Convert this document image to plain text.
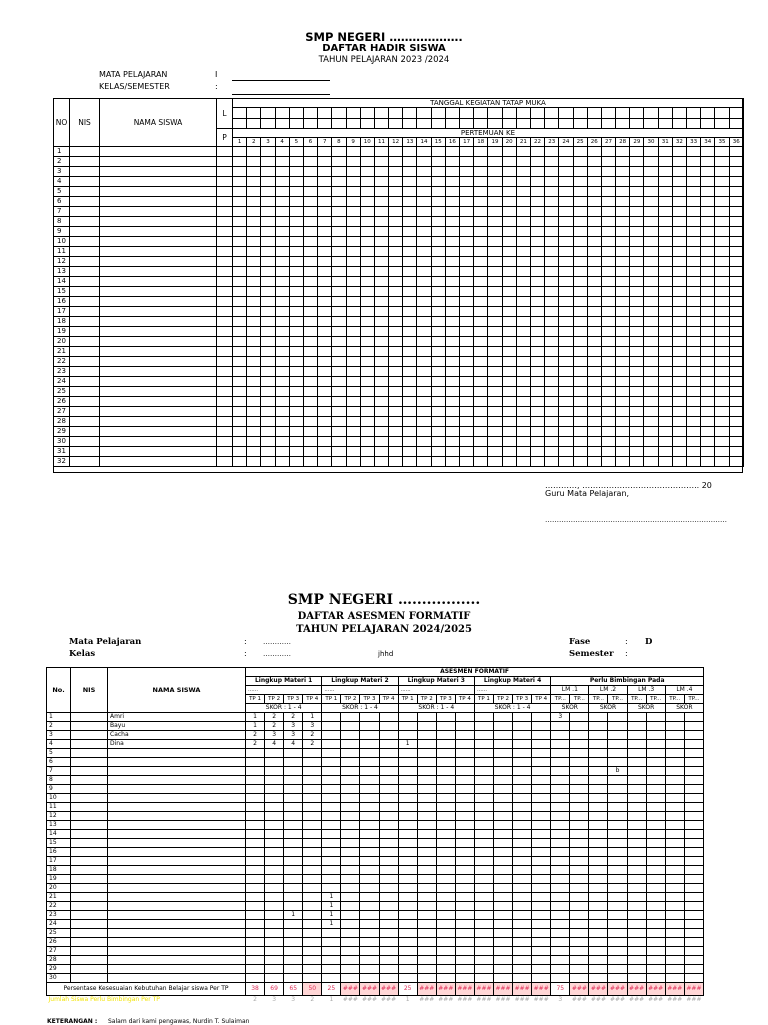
SMP NEGERI ……………….
DAFTAR HADIR SISWA
TAHUN PELAJARAN 2023 /2024
MATA PELAJARAN	I
KELAS/SEMESTER	:
NO	NIS	NAMA SISWA	L	TANGGAL KEGIATAN TATAP MUKA																																			

			P	PERTEMUAN KE																																			
				1	2	3	4	5	6	7	8	9	10	11	12	13	14	15	16	17	18	19	20	21	22	23	24	25	26	27	28	29	30	31	32	33	34	35	36
1																																							
2																																							
3																																							
4																																							
5																																							
6																																							
7																																							
8																																							
9																																							
10																																							
11																																							
12																																							
13																																							
14																																							
15																																							
16																																							
17																																							
18																																							
19																																							
20																																							
21																																							
22																																							
23																																							
24																																							
25																																							
26																																							
27																																							
28																																							
29																																							
30																																							
31																																							
32																																							
…………, …………………………………….. 20
Guru Mata Pelajaran,
……………………………………………………………………
SMP NEGERI …..............
DAFTAR ASESMEN FORMATIF
TAHUN PELAJARAN 2024/2025
Mata Pelajaran	: …………
Kelas	: …………	jhhd
Fase	: D
Semester :
No.	NIS	NAMA SISWA	ASESMEN FORMATIF																							
			Lingkup Materi 1				Lingkup Materi 2				Lingkup Materi 3				Lingkup Materi 4				Perlu Bimbingan Pada							
			……				……				……				……				LM .1		LM .2		LM .3		LM .4	
			TP 1	TP 2	TP 3	TP 4	TP 1	TP 2	TP 3	TP 4	TP 1	TP 2	TP 3	TP 4	TP 1	TP 2	TP 3	TP 4	TP...	TP...	TP...	TP...	TP...	TP...	TP...	TP...
			SKOR : 1 - 4				SKOR : 1 - 4				SKOR : 1 - 4				SKOR : 1 - 4				SKOR		SKOR		SKOR		SKOR	
1		Amri	1	2	2	1													3							
2		Bayu	1	2	3	3																				
3		Cacha	2	3	3	2																				
4		Dina	2	4	4	2					1															
5																										
6																										
7																						b				
8																										
9																										
10																										
11																										
12																										
13																										
14																										
15																										
16																										
17																										
18																										
19																										
20																										
21							1																			
22							1																			
23					1		1																			
24							1																			
25																										
26																										
27																										
28																										
29																										
30																										
Persentase Kesesuaian Kebutuhan Belajar siswa Per TP			38	69	65	50	25	###	###	###	25	###	###	###	###	###	###	###	75	###	###	###	###	###	###	###
Jumlah Siswa Perlu Bimbingan Per TP			2	3	3	2	1	###	###	###	1	###	###	###	###	###	###	###	3	###	###	###	###	###	###	###
KETERANGAN : Salam dari kami pengawas, Nurdin T. Sulaiman
